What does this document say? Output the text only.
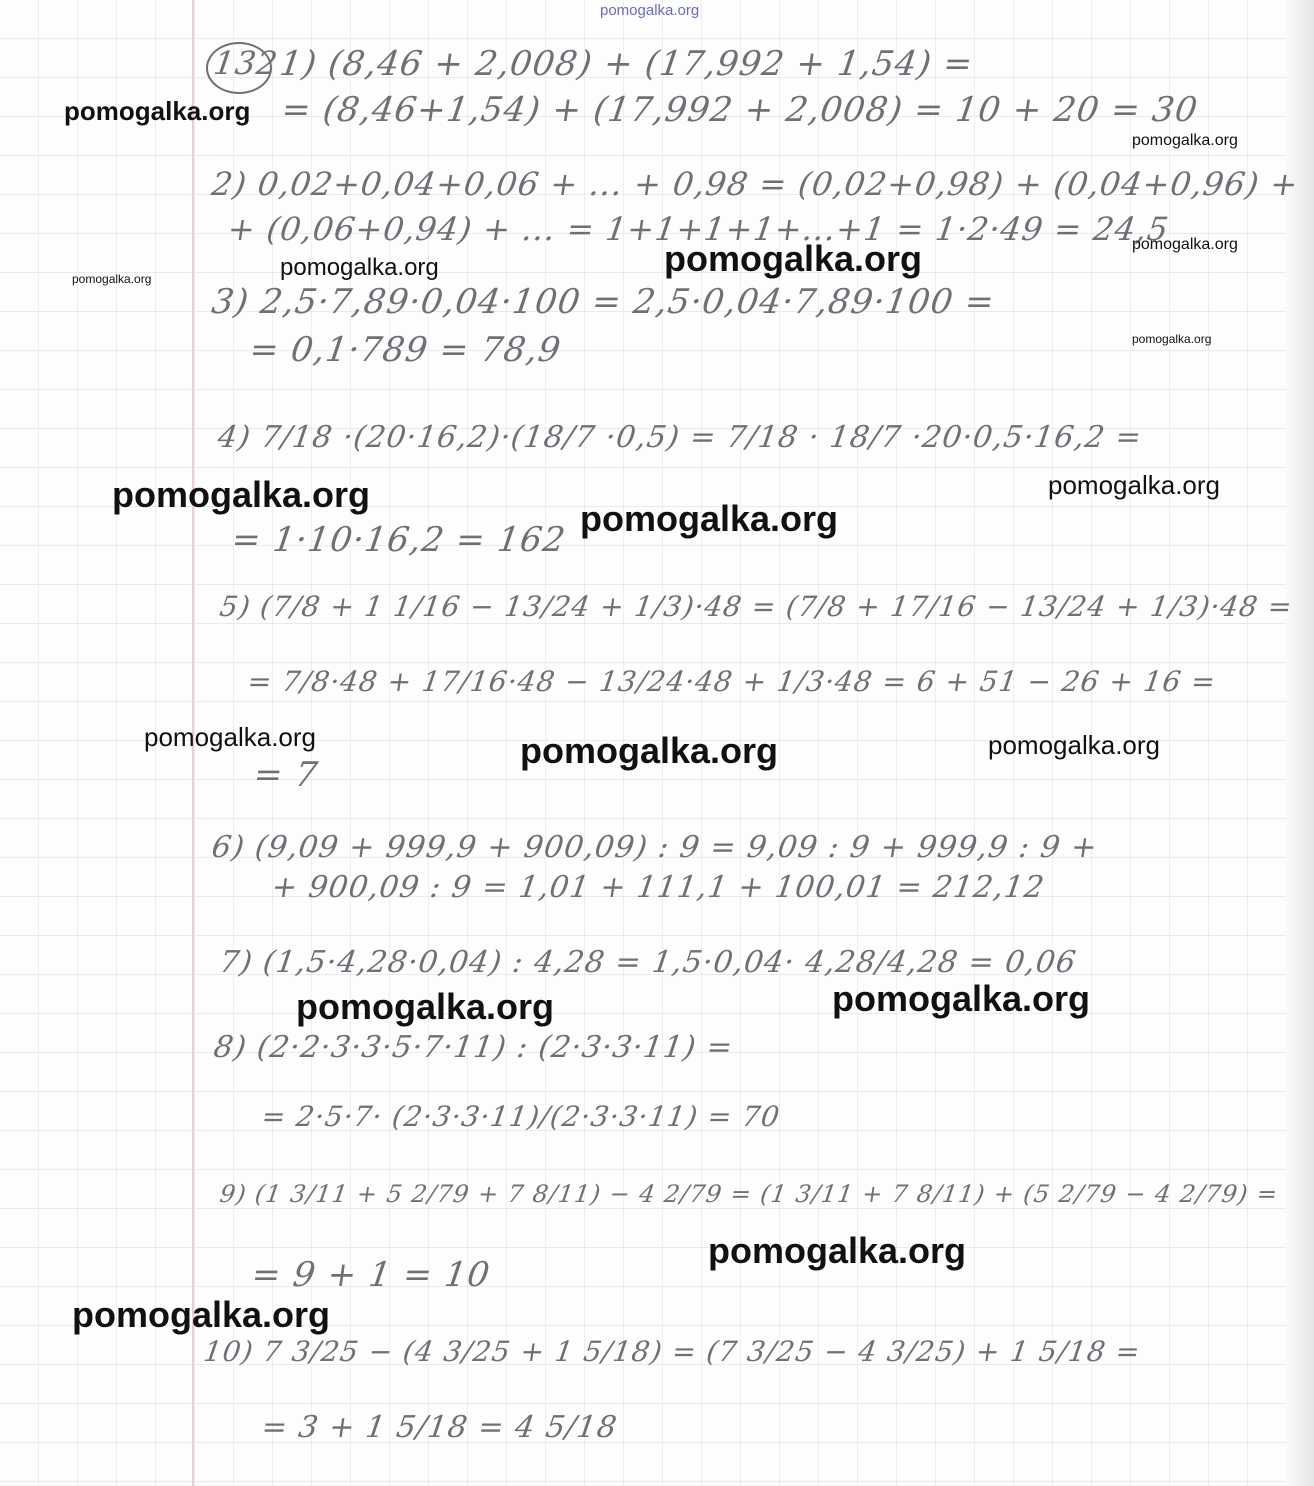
pomogalka.org

132

1) (8,46 + 2,008) + (17,992 + 1,54) =

= (8,46+1,54) + (17,992 + 2,008) = 10 + 20 = 30

2) 0,02+0,04+0,06 + ... + 0,98 = (0,02+0,98) + (0,04+0,96) +

+ (0,06+0,94) + ... = 1+1+1+1+...+1 = 1·2·49 = 24,5

3) 2,5·7,89·0,04·100 = 2,5·0,04·7,89·100 =

= 0,1·789 = 78,9

4) 7/18 ·(20·16,2)·(18/7 ·0,5) = 7/18 · 18/7 ·20·0,5·16,2 =

= 1·10·16,2 = 162

5) (7/8 + 1 1/16 − 13/24 + 1/3)·48 = (7/8 + 17/16 − 13/24 + 1/3)·48 =

= 7/8·48 + 17/16·48 − 13/24·48 + 1/3·48 = 6 + 51 − 26 + 16 =

= 7

6) (9,09 + 999,9 + 900,09) : 9 = 9,09 : 9 + 999,9 : 9 +

+ 900,09 : 9 = 1,01 + 111,1 + 100,01 = 212,12

7) (1,5·4,28·0,04) : 4,28 = 1,5·0,04· 4,28/4,28 = 0,06

8) (2·2·3·3·5·7·11) : (2·3·3·11) =

= 2·5·7· (2·3·3·11)/(2·3·3·11) = 70

9) (1 3/11 + 5 2/79 + 7 8/11) − 4 2/79 = (1 3/11 + 7 8/11) + (5 2/79 − 4 2/79) =

= 9 + 1 = 10

10) 7 3/25 − (4 3/25 + 1 5/18) = (7 3/25 − 4 3/25) + 1 5/18 =

= 3 + 1 5/18 = 4 5/18

pomogalka.org

pomogalka.org

pomogalka.org

pomogalka.org	pomogalka.org	pomogalka.org

pomogalka.org

pomogalka.org	pomogalka.org

pomogalka.org

pomogalka.org	pomogalka.org	pomogalka.org

pomogalka.org	pomogalka.org

pomogalka.org

pomogalka.org
